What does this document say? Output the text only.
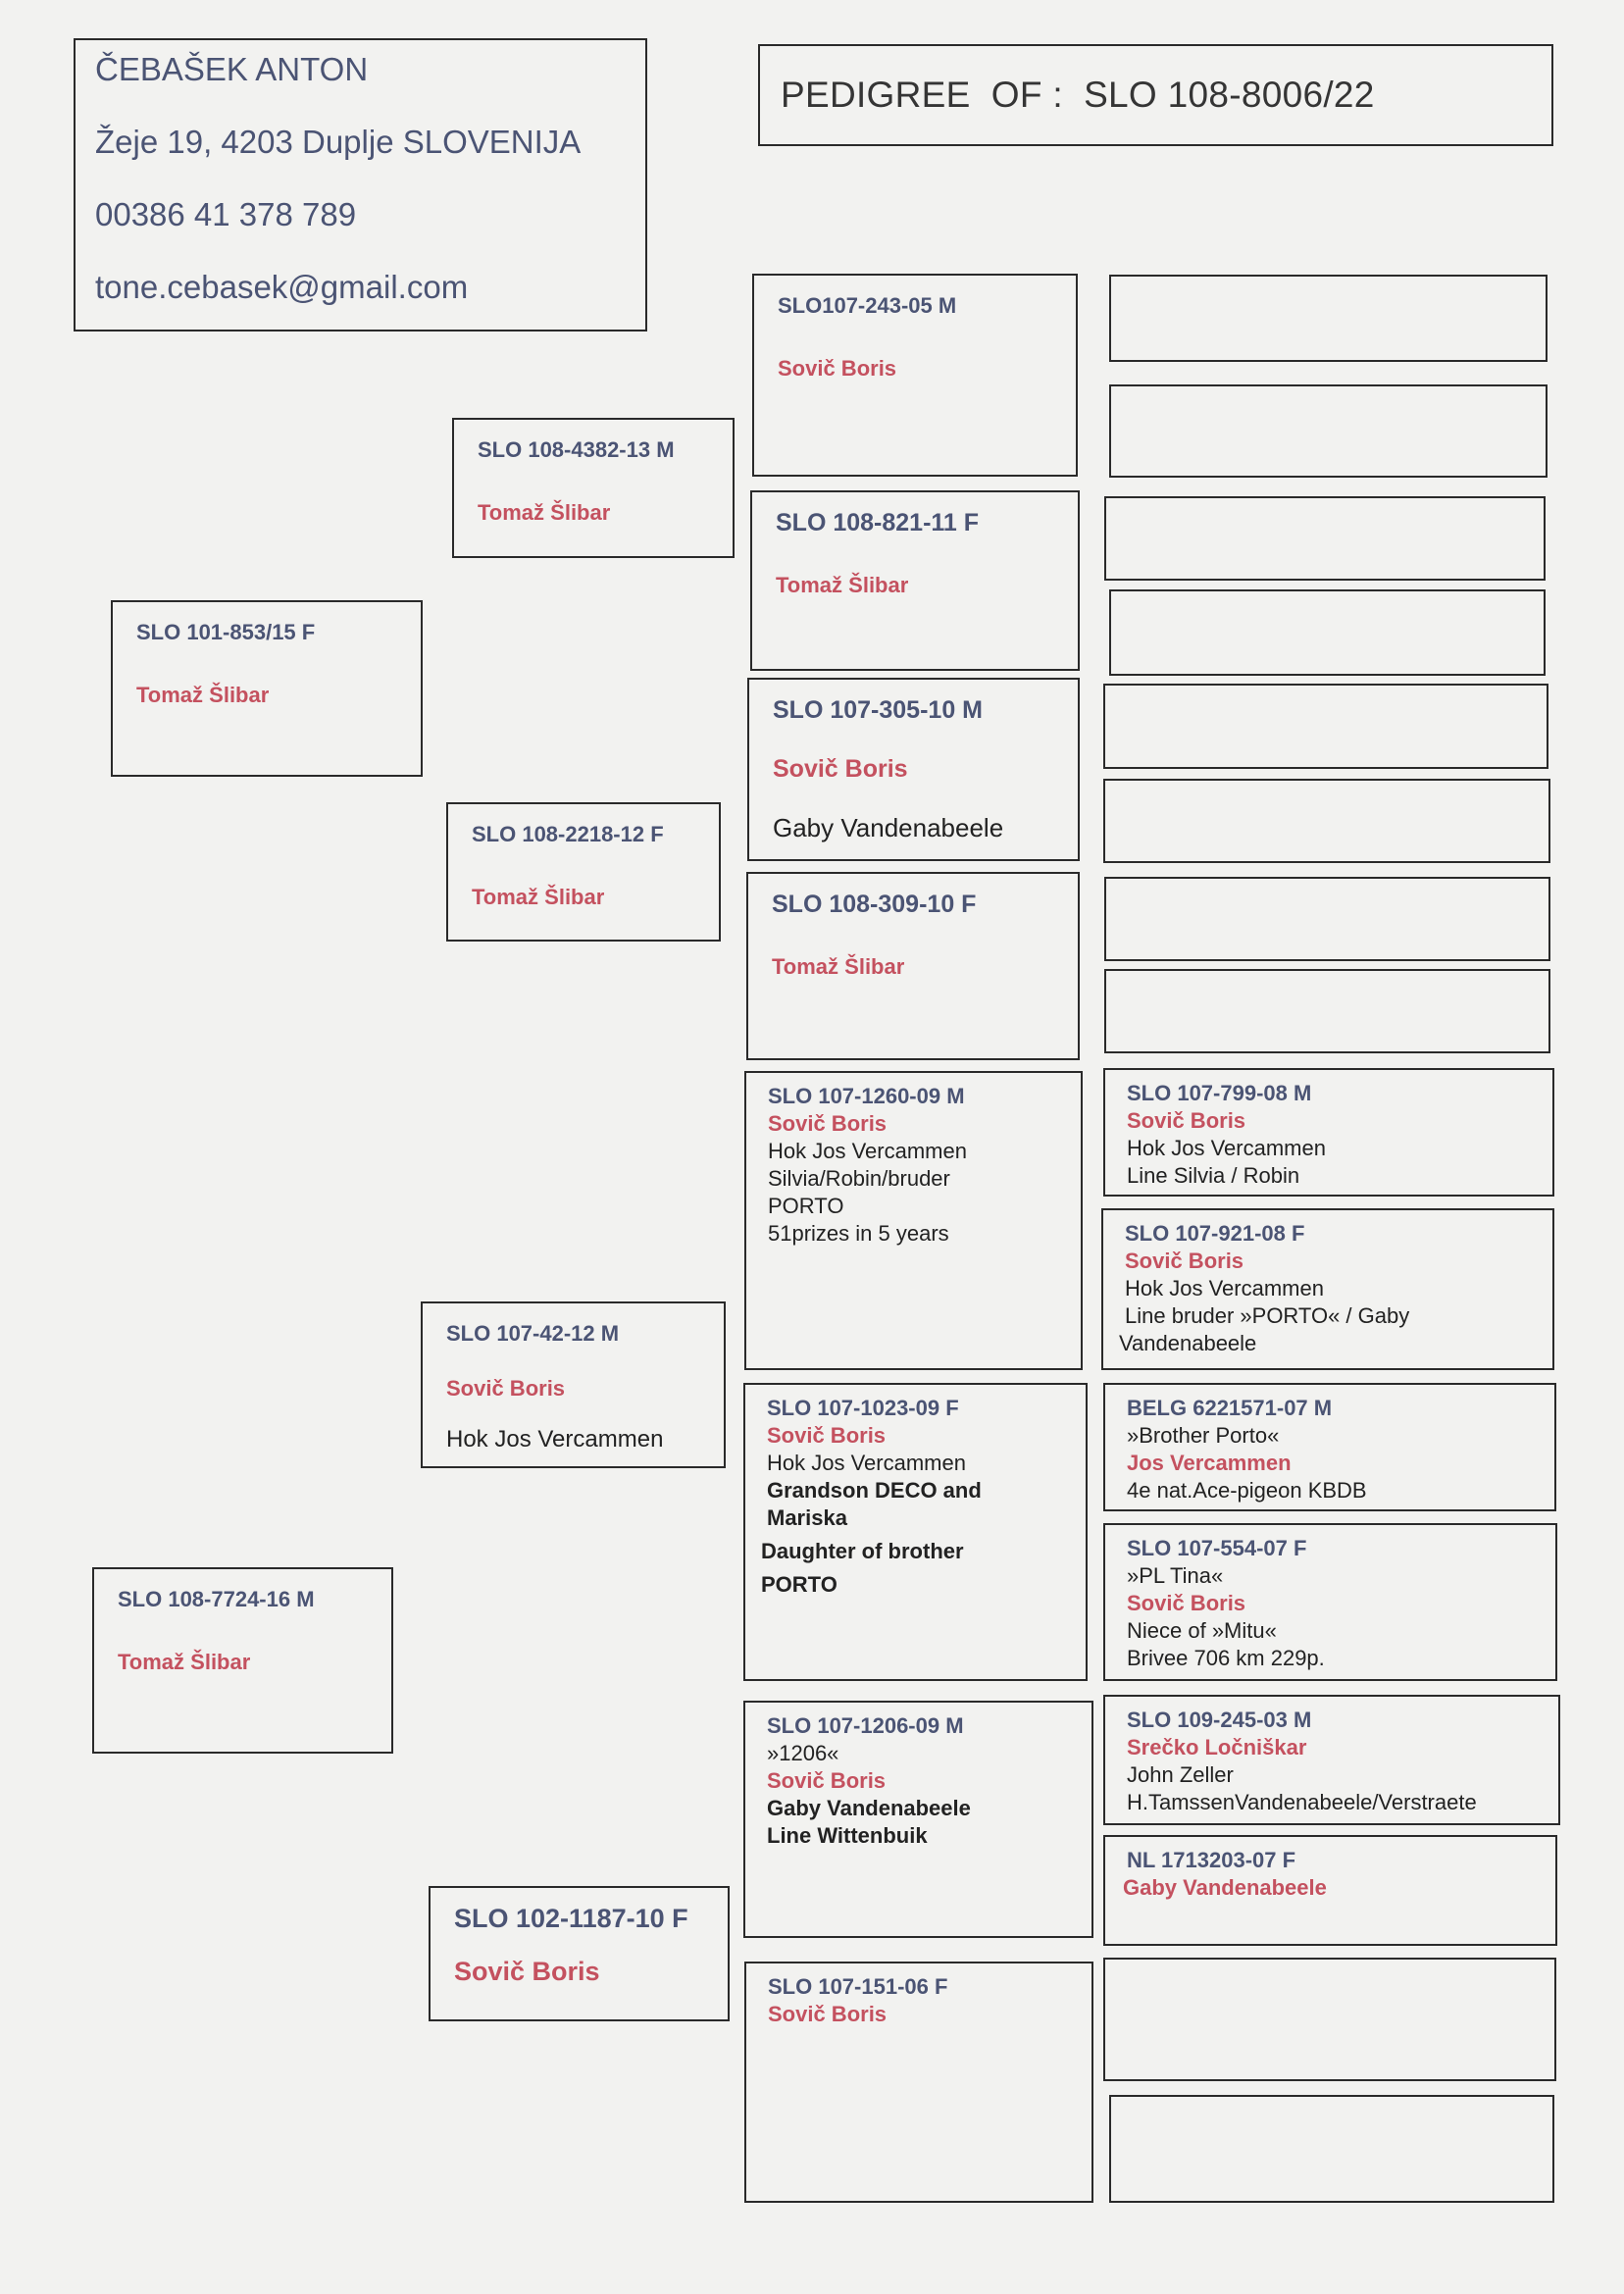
ČEBAŠEK ANTON
Žeje 19, 4203 Duplje SLOVENIJA
00386 41 378 789
tone.cebasek@gmail.com
PEDIGREE  OF :  SLO 108-8006/22
SLO 101-853/15 F
Tomaž Šlibar
SLO 108-7724-16 M
Tomaž Šlibar
SLO 108-4382-13 M
Tomaž Šlibar
SLO 108-2218-12 F
Tomaž Šlibar
SLO 107-42-12 M
Sovič Boris
Hok Jos Vercammen
SLO 102-1187-10 F
Sovič Boris
SLO107-243-05 M
Sovič Boris
SLO 108-821-11 F
Tomaž Šlibar
SLO 107-305-10 M
Sovič Boris
Gaby Vandenabeele
SLO 108-309-10 F
Tomaž Šlibar
SLO 107-1260-09 M
Sovič Boris
Hok Jos Vercammen
Silvia/Robin/bruder
PORTO
51prizes in 5 years
SLO 107-1023-09 F
Sovič Boris
Hok Jos Vercammen
Grandson DECO and
Mariska
Daughter of brother
PORTO
SLO 107-1206-09 M
»1206«
Sovič Boris
Gaby Vandenabeele
Line Wittenbuik
SLO 107-151-06 F
Sovič Boris
SLO 107-799-08 M
Sovič Boris
Hok Jos Vercammen
Line Silvia / Robin
SLO 107-921-08 F
Sovič Boris
Hok Jos Vercammen
Line bruder »PORTO« / Gaby
Vandenabeele
BELG 6221571-07 M
»Brother Porto«
Jos Vercammen
4e nat.Ace-pigeon KBDB
SLO 107-554-07 F
»PL Tina«
Sovič Boris
Niece of »Mitu«
Brivee 706 km 229p.
SLO 109-245-03 M
Srečko Ločniškar
John Zeller
H.TamssenVandenabeele/Verstraete
NL 1713203-07 F
Gaby Vandenabeele
